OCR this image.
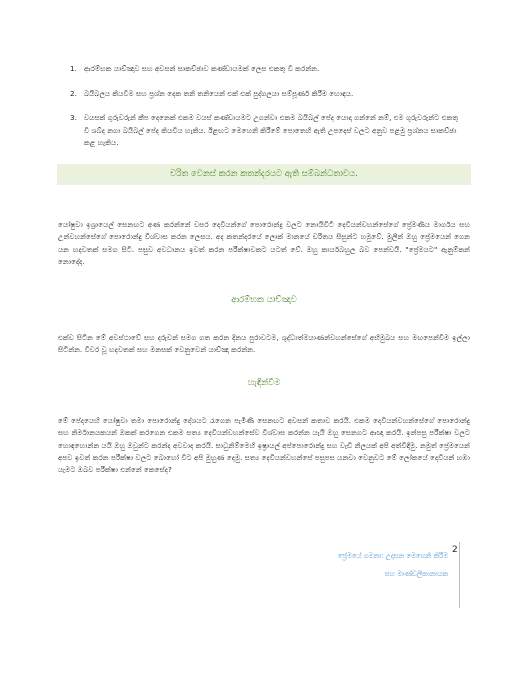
1. ආරම්භක යාච්ඤාව සහ අවසන් සාකච්ඡාව කණ්ඩායමක් ලෙස එකතු වී කරන්න.
2. බයිබලය කියවීම සහ ප්‍රශ්න දෙක තනි තනියෙන් එක් එක් පුද්ගලයා සම්පූර්ණ කිරීම හොඳය.
3. වයසක් ගුරුවරුන් කීප දෙනෙක් එකම වයස් කණ්ඩායමට උගන්වා එකම බයිබල් පේද යොදා ගන්නේ නම්, එම ගුරුවරුන්ට එකතු වී ශබ්ද නගා බයිබල් පේද කියවිය හැකිය. ඊළඟට මෙහෙනි කිරීමේ පොතෙහි ඇති උපදෙස් වලට අනුව පළමු ප්‍රශ්නය සාකච්ඡා කළ හැකිය.
චරිත වෙනස් කරන කතන්දරයට ඇති සම්බන්ධතාවය.

යෝෂුවා ඉශ්‍රායෙල් සෙනඟට අණ කරන්නේ වසර දෙවියන්ගේ පොරොන්දු වලට නොයිවිටී දෙවියන්වහන්සේගේ ප්‍රේමණීය මාර්ගය සහ උන්වහන්සේගේ පොරොන්දු විශ්වාස කරන ලෙසය. අද කතන්දරයේ ලොක් මානයේ චරිතය සිසුන්ට හමුවේ. මුලින් ඔහු ප්‍රේමයෙන් ගෙන යන හදවතක් සමග සිටී. පසුව අවධානය ඉවත් කරන පරීක්ෂාවකට යටත් වේ. ඔහු කාර්යබහුල බව පෙන්වයි. "ප්‍රේමයට" ඇනුම්කන් නොදේද.

ආරම්භක යාච්ඤාව

එක්ව සිටින මේ අවස්ථාවේ සහ දරුවන් සමග ගත කරන දිනය පුරාවටම, ශුද්ධාත්මයාණන්වහන්සේගේ අභිමුඛය සහ මඟපෙන්වීම ඉල්ලා සිටින්න. විවර වූ හදවතක් සහ මනසක් වෙනුවෙන් යාච්ඤා කරන්න.

හැඳින්වීම

මේ පේදයෙහි යෝෂුවා තමා පොරොන්දු දේශයට රැගෙන පැමිණි සෙනඟට අවසන් කතාව කරයි. එකම දෙවියන්වහන්සේගේ පොරොන්දු සහ නිර්මානයකයන් ඔකක් කරගෙන එකම සත්‍ය දෙවියන්වහන්සේව විශ්වාස කරන්න යැයි ඔහු සෙනගට ආඥා කරයි. ඉන්පසු පරීක්ෂා වලට හොඳහොන්න යයි ඔහු ඔවුන්ට කරන්ද අවවාද කරයි. සාධුනිම්මෙහි ඉෂ්‍රායල් අප්පොරොන්දු සහ වැඩි නිලයක් අපි අත්විඳීමු. නමුත් ප්‍රේමයෙන් අපව ඉවත් කරන පරීක්ෂා වලට බොහෝ විට අපි මුහුණ දෙමු. සත්‍ය දෙවියන්වහන්සේ පසුපස යනවා වෙනුවට මේ ලෝකයේ දෙවියන් හඹා යැමට ඔබව පරීක්ෂා එන්නේ කෙසේද?

ප්‍රේමයේ ගමනා: උදාසන මෙහෙනි කිරීම
සහ මාණ්ඩලිකානායක
2
